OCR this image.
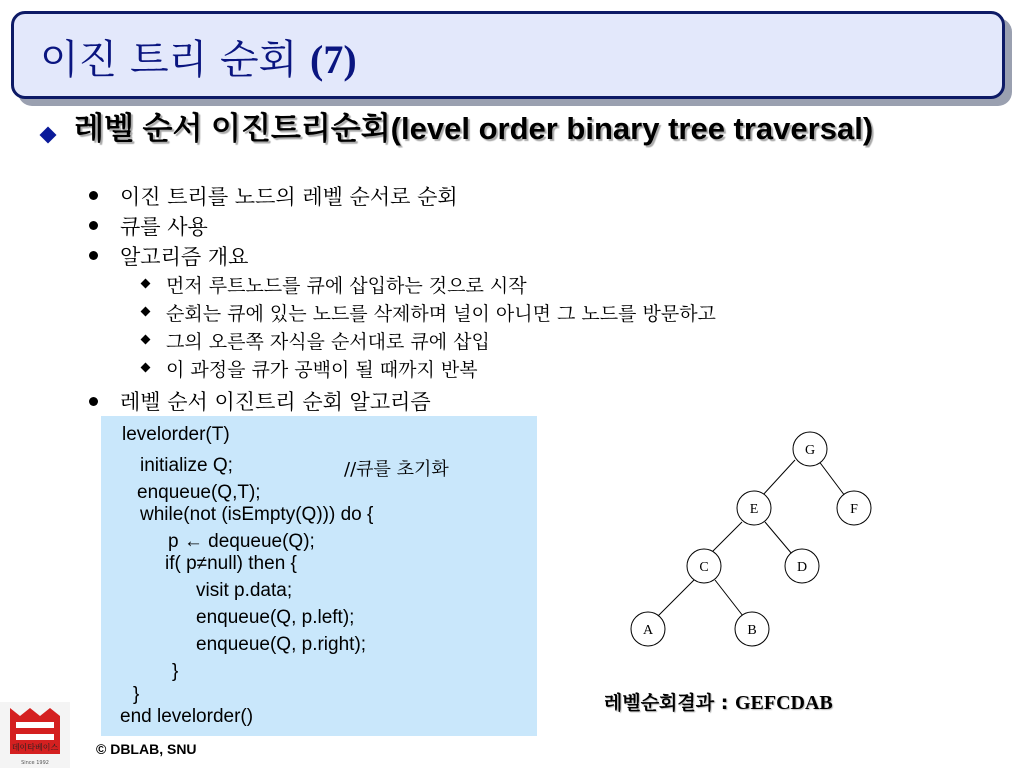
이진 트리 순회 (7)
레벨 순서 이진트리순회(level order binary tree traversal)
이진 트리를 노드의 레벨 순서로 순회
큐를 사용
알고리즘 개요
먼저 루트노드를 큐에 삽입하는 것으로 시작
순회는 큐에 있는 노드를 삭제하며 널이 아니면 그 노드를 방문하고
그의 오른쪽 자식을 순서대로 큐에 삽입
이 과정을 큐가 공백이 될 때까지 반복
레벨 순서 이진트리 순회 알고리즘
levelorder(T)
initialize Q;	//큐를 초기화
enqueue(Q,T);
while(not (isEmpty(Q))) do {
p ← dequeue(Q);
if( p≠null) then {
visit p.data;
enqueue(Q, p.left);
enqueue(Q, p.right);
}
}
end levelorder()
G
E	F
C	D
A	B
레벨순회결과 : GEFCDAB
데이타베이스
Since 1992
© DBLAB, SNU
